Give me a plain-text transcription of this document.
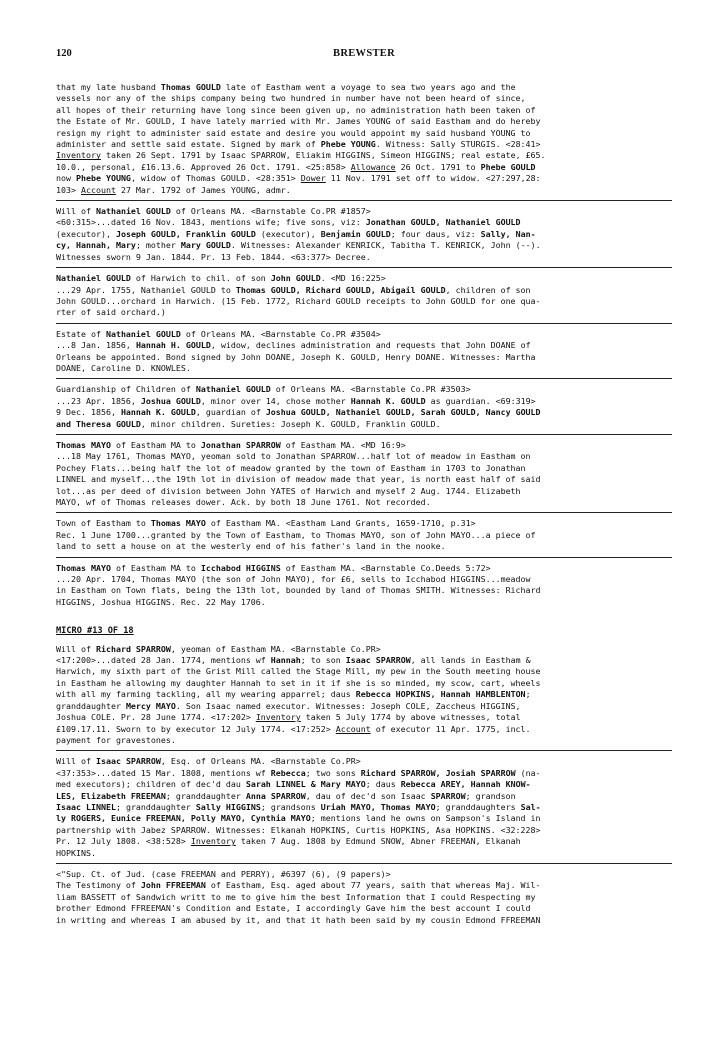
120	BREWSTER
that my late husband Thomas GOULD late of Eastham went a voyage to sea two years ago and the
vessels nor any of the ships company being two hundred in number have not been heard of since,
all hopes of their returning have long since been given up, no administration hath been taken of
the Estate of Mr. GOULD, I have lately married with Mr. James YOUNG of said Eastham and do hereby
resign my right to administer said estate and desire you would appoint my said husband YOUNG to
administer and settle said estate. Signed by mark of Phebe YOUNG. Witness: Sally STURGIS. <28:41>
Inventory taken 26 Sept. 1791 by Isaac SPARROW, Eliakim HIGGINS, Simeon HIGGINS; real estate, £65.
10.0., personal, £16.13.6. Approved 26 Oct. 1791. <25:858> Allowance 26 Oct. 1791 to Phebe GOULD
now Phebe YOUNG, widow of Thomas GOULD. <28:351> Dower 11 Nov. 1791 set off to widow. <27:297,28:
103> Account 27 Mar. 1792 of James YOUNG, admr.
Will of Nathaniel GOULD of Orleans MA. <Barnstable Co.PR #1857>
<60:315>...dated 16 Nov. 1843, mentions wife; five sons, viz: Jonathan GOULD, Nathaniel GOULD
(executor), Joseph GOULD, Franklin GOULD (executor), Benjamin GOULD; four daus, viz: Sally, Nan-
cy, Hannah, Mary; mother Mary GOULD. Witnesses: Alexander KENRICK, Tabitha T. KENRICK, John (--).
Witnesses sworn 9 Jan. 1844. Pr. 13 Feb. 1844. <63:377> Decree.
Nathaniel GOULD of Harwich to chil. of son John GOULD. <MD 16:225>
...29 Apr. 1755, Nathaniel GOULD to Thomas GOULD, Richard GOULD, Abigail GOULD, children of son
John GOULD...orchard in Harwich. (15 Feb. 1772, Richard GOULD receipts to John GOULD for one qua-
rter of said orchard.)
Estate of Nathaniel GOULD of Orleans MA. <Barnstable Co.PR #3504>
...8 Jan. 1856, Hannah H. GOULD, widow, declines administration and requests that John DOANE of
Orleans be appointed. Bond signed by John DOANE, Joseph K. GOULD, Henry DOANE. Witnesses: Martha
DOANE, Caroline D. KNOWLES.
Guardianship of Children of Nathaniel GOULD of Orleans MA. <Barnstable Co.PR #3503>
...23 Apr. 1856, Joshua GOULD, minor over 14, chose mother Hannah K. GOULD as guardian. <69:319>
9 Dec. 1856, Hannah K. GOULD, guardian of Joshua GOULD, Nathaniel GOULD, Sarah GOULD, Nancy GOULD
and Theresa GOULD, minor children. Sureties: Joseph K. GOULD, Franklin GOULD.
Thomas MAYO of Eastham MA to Jonathan SPARROW of Eastham MA. <MD 16:9>
...18 May 1761, Thomas MAYO, yeoman sold to Jonathan SPARROW...half lot of meadow in Eastham on
Pochey Flats...being half the lot of meadow granted by the town of Eastham in 1703 to Jonathan
LINNEL and myself...the 19th lot in division of meadow made that year, is north east half of said
lot...as per deed of division between John YATES of Harwich and myself 2 Aug. 1744. Elizabeth
MAYO, wf of Thomas releases dower. Ack. by both 18 June 1761. Not recorded.
Town of Eastham to Thomas MAYO of Eastham MA. <Eastham Land Grants, 1659-1710, p.31>
Rec. 1 June 1700...granted by the Town of Eastham, to Thomas MAYO, son of John MAYO...a piece of
land to sett a house on at the westerly end of his father's land in the nooke.
Thomas MAYO of Eastham MA to Icchabod HIGGINS of Eastham MA. <Barnstable Co.Deeds 5:72>
...20 Apr. 1704, Thomas MAYO (the son of John MAYO), for £6, sells to Icchabod HIGGINS...meadow
in Eastham on Town flats, being the 13th lot, bounded by land of Thomas SMITH. Witnesses: Richard
HIGGINS, Joshua HIGGINS. Rec. 22 May 1706.
MICRO #13 OF 18
Will of Richard SPARROW, yeoman of Eastham MA. <Barnstable Co.PR>
<17:200>...dated 28 Jan. 1774, mentions wf Hannah; to son Isaac SPARROW, all lands in Eastham &
Harwich, my sixth part of the Grist Mill called the Stage Mill, my pew in the South meeting house
in Eastham he allowing my daughter Hannah to set in it if she is so minded, my scow, cart, wheels
with all my farming tackling, all my wearing apparrel; daus Rebecca HOPKINS, Hannah HAMBLENTON;
granddaughter Mercy MAYO. Son Isaac named executor. Witnesses: Joseph COLE, Zaccheus HIGGINS,
Joshua COLE. Pr. 28 June 1774. <17:202> Inventory taken 5 July 1774 by above witnesses, total
£109.17.11. Sworn to by executor 12 July 1774. <17:252> Account of executor 11 Apr. 1775, incl.
payment for gravestones.
Will of Isaac SPARROW, Esq. of Orleans MA. <Barnstable Co.PR>
<37:353>...dated 15 Mar. 1808, mentions wf Rebecca; two sons Richard SPARROW, Josiah SPARROW (na-
med executors); children of dec'd dau Sarah LINNEL & Mary MAYO; daus Rebecca AREY, Hannah KNOW-
LES, Elizabeth FREEMAN; granddaughter Anna SPARROW, dau of dec'd son Isaac SPARROW; grandson
Isaac LINNEL; granddaughter Sally HIGGINS; grandsons Uriah MAYO, Thomas MAYO; granddaughters Sal-
ly ROGERS, Eunice FREEMAN, Polly MAYO, Cynthia MAYO; mentions land he owns on Sampson's Island in
partnership with Jabez SPARROW. Witnesses: Elkanah HOPKINS, Curtis HOPKINS, Asa HOPKINS. <32:228>
Pr. 12 July 1808. <38:528> Inventory taken 7 Aug. 1808 by Edmund SNOW, Abner FREEMAN, Elkanah
HOPKINS.
<"Sup. Ct. of Jud. (case FREEMAN and PERRY), #6397 (6), (9 papers)>
The Testimony of John FFREEMAN of Eastham, Esq. aged about 77 years, saith that whereas Maj. Wil-
liam BASSETT of Sandwich writt to me to give him the best Information that I could Respecting my
brother Edmond FFREEMAN's Condition and Estate, I accordingly Gave him the best account I could
in writing and whereas I am abused by it, and that it hath been said by my cousin Edmond FFREEMAN
